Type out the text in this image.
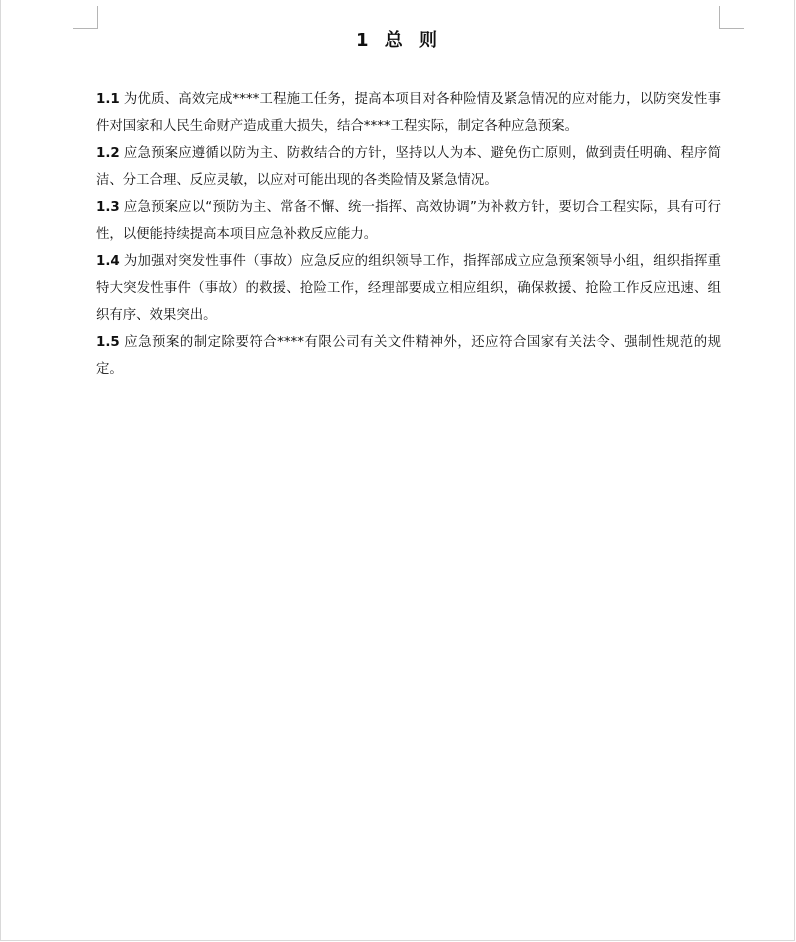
1 总 则

1.1 为优质、高效完成****工程施工任务，提高本项目对各种险情及紧急情况的应对能力，以防突发性事件对国家和人民生命财产造成重大损失，结合****工程实际，制定各种应急预案。

1.2 应急预案应遵循以防为主、防救结合的方针，坚持以人为本、避免伤亡原则，做到责任明确、程序简洁、分工合理、反应灵敏，以应对可能出现的各类险情及紧急情况。

1.3 应急预案应以“预防为主、常备不懈、统一指挥、高效协调”为补救方针，要切合工程实际，具有可行性，以便能持续提高本项目应急补救反应能力。

1.4 为加强对突发性事件（事故）应急反应的组织领导工作，指挥部成立应急预案领导小组，组织指挥重特大突发性事件（事故）的救援、抢险工作，经理部要成立相应组织，确保救援、抢险工作反应迅速、组织有序、效果突出。

1.5 应急预案的制定除要符合****有限公司有关文件精神外，还应符合国家有关法令、强制性规范的规定。
